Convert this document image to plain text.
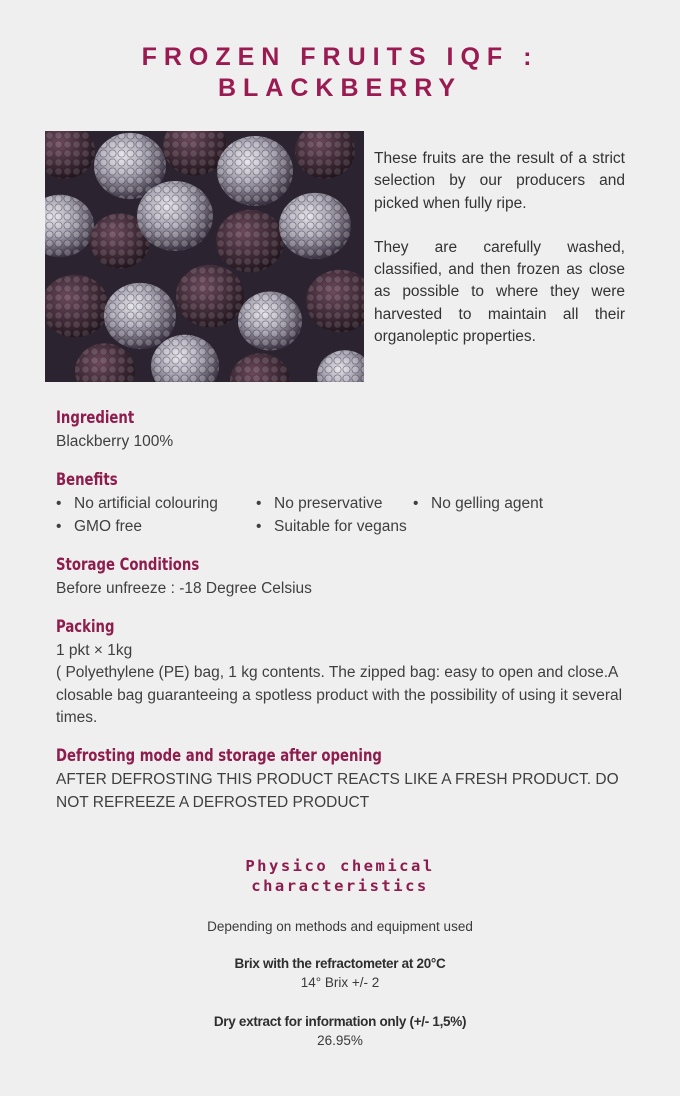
FROZEN FRUITS IQF :
BLACKBERRY

These fruits are the result of a strict selection by our producers and picked when fully ripe.

They are carefully washed, classified, and then frozen as close as possible to where they were harvested to maintain all their organoleptic properties.

Ingredient
Blackberry 100%
Benefits
• No artificial colouring	• No preservative	• No gelling agent
• GMO free	• Suitable for vegans
Storage Conditions
Before unfreeze : -18 Degree Celsius
Packing
1 pkt × 1kg
( Polyethylene (PE) bag, 1 kg contents. The zipped bag: easy to open and close.A closable bag guaranteeing a spotless product with the possibility of using it several times.
Defrosting mode and storage after opening
AFTER DEFROSTING THIS PRODUCT REACTS LIKE A FRESH PRODUCT. DO NOT REFREEZE A DEFROSTED PRODUCT
Physico chemical
characteristics
Depending on methods and equipment used
Brix with the refractometer at 20°C
14° Brix +/- 2
Dry extract for information only (+/- 1,5%)
26.95%
